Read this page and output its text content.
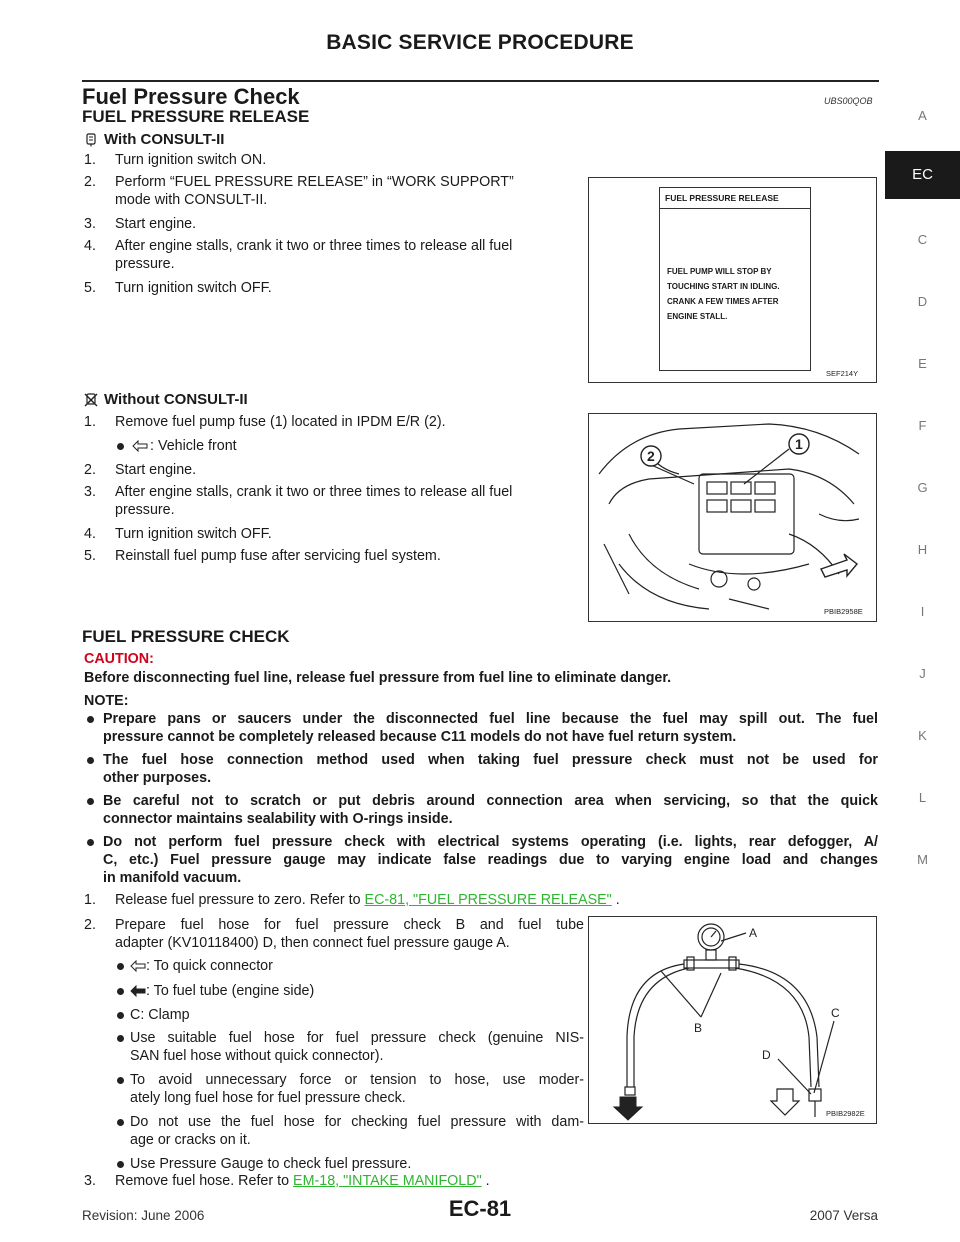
BASIC SERVICE PROCEDURE
A
EC
C
D
E
F
G
H
I
J
K
L
M
Fuel Pressure Check	UBS00QOB
FUEL PRESSURE RELEASE
With CONSULT-II
1. Turn ignition switch ON.
2. Perform “FUEL PRESSURE RELEASE” in “WORK SUPPORT”
mode with CONSULT-II.
3. Start engine.
4. After engine stalls, crank it two or three times to release all fuel
pressure.
5. Turn ignition switch OFF.
FUEL PRESSURE RELEASE
FUEL PUMP WILL STOP BY
TOUCHING START IN IDLING.
CRANK A FEW TIMES AFTER
ENGINE STALL.
SEF214Y
Without CONSULT-II
1. Remove fuel pump fuse (1) located in IPDM E/R (2).
: Vehicle front
2. Start engine.
3. After engine stalls, crank it two or three times to release all fuel
pressure.
4. Turn ignition switch OFF.
5. Reinstall fuel pump fuse after servicing fuel system.
1
2
PBIB2958E
FUEL PRESSURE CHECK
CAUTION:
Before disconnecting fuel line, release fuel pressure from fuel line to eliminate danger.
NOTE:
Prepare pans or saucers under the disconnected fuel line because the fuel may spill out. The fuel
pressure cannot be completely released because C11 models do not have fuel return system.
The fuel hose connection method used when taking fuel pressure check must not be used for
other purposes.
Be careful not to scratch or put debris around connection area when servicing, so that the quick
connector maintains sealability with O-rings inside.
Do not perform fuel pressure check with electrical systems operating (i.e. lights, rear defogger, A/
C, etc.) Fuel pressure gauge may indicate false readings due to varying engine load and changes
in manifold vacuum.
1. Release fuel pressure to zero. Refer to EC-81, "FUEL PRESSURE RELEASE" .
2. Prepare fuel hose for fuel pressure check B and fuel tube
adapter (KV10118400) D, then connect fuel pressure gauge A.
: To quick connector
: To fuel tube (engine side)
C: Clamp
Use suitable fuel hose for fuel pressure check (genuine NIS-
SAN fuel hose without quick connector).
To avoid unnecessary force or tension to hose, use moder-
ately long fuel hose for fuel pressure check.
Do not use the fuel hose for checking fuel pressure with dam-
age or cracks on it.
Use Pressure Gauge to check fuel pressure.
3. Remove fuel hose. Refer to EM-18, "INTAKE MANIFOLD" .
A
B
C
D
PBIB2982E
Revision: June 2006	EC-81	2007 Versa
